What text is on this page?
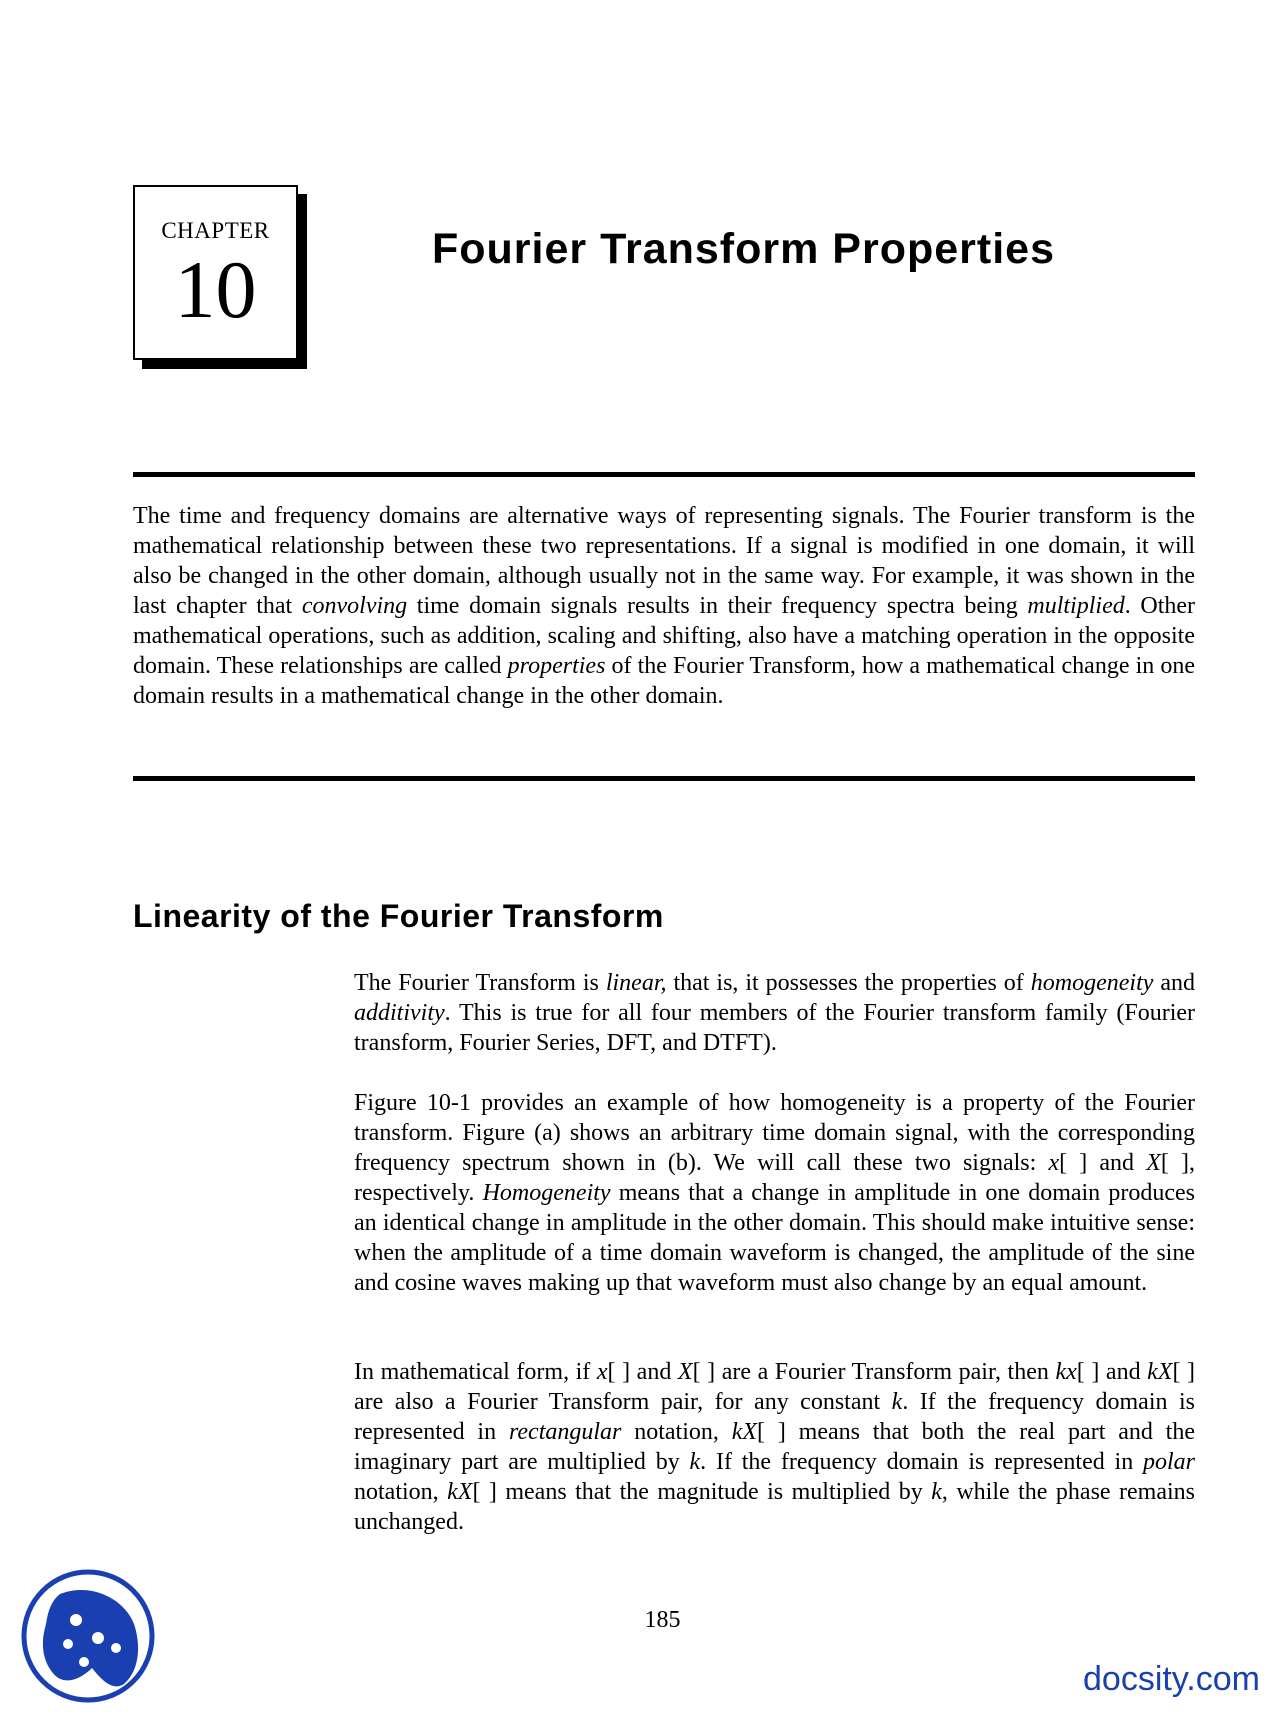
CHAPTER
10	Fourier Transform Properties

The time and frequency domains are alternative ways of representing signals. The Fourier transform is the mathematical relationship between these two representations. If a signal is modified in one domain, it will also be changed in the other domain, although usually not in the same way. For example, it was shown in the last chapter that convolving time domain signals results in their frequency spectra being multiplied. Other mathematical operations, such as addition, scaling and shifting, also have a matching operation in the opposite domain. These relationships are called properties of the Fourier Transform, how a mathematical change in one domain results in a mathematical change in the other domain.

Linearity of the Fourier Transform

The Fourier Transform is linear, that is, it possesses the properties of homogeneity and additivity. This is true for all four members of the Fourier transform family (Fourier transform, Fourier Series, DFT, and DTFT).

Figure 10-1 provides an example of how homogeneity is a property of the Fourier transform. Figure (a) shows an arbitrary time domain signal, with the corresponding frequency spectrum shown in (b). We will call these two signals: x[ ] and X[ ], respectively. Homogeneity means that a change in amplitude in one domain produces an identical change in amplitude in the other domain. This should make intuitive sense: when the amplitude of a time domain waveform is changed, the amplitude of the sine and cosine waves making up that waveform must also change by an equal amount.

In mathematical form, if x[ ] and X[ ] are a Fourier Transform pair, then kx[ ] and kX[ ] are also a Fourier Transform pair, for any constant k. If the frequency domain is represented in rectangular notation, kX[ ] means that both the real part and the imaginary part are multiplied by k. If the frequency domain is represented in polar notation, kX[ ] means that the magnitude is multiplied by k, while the phase remains unchanged.

185
docsity.com
